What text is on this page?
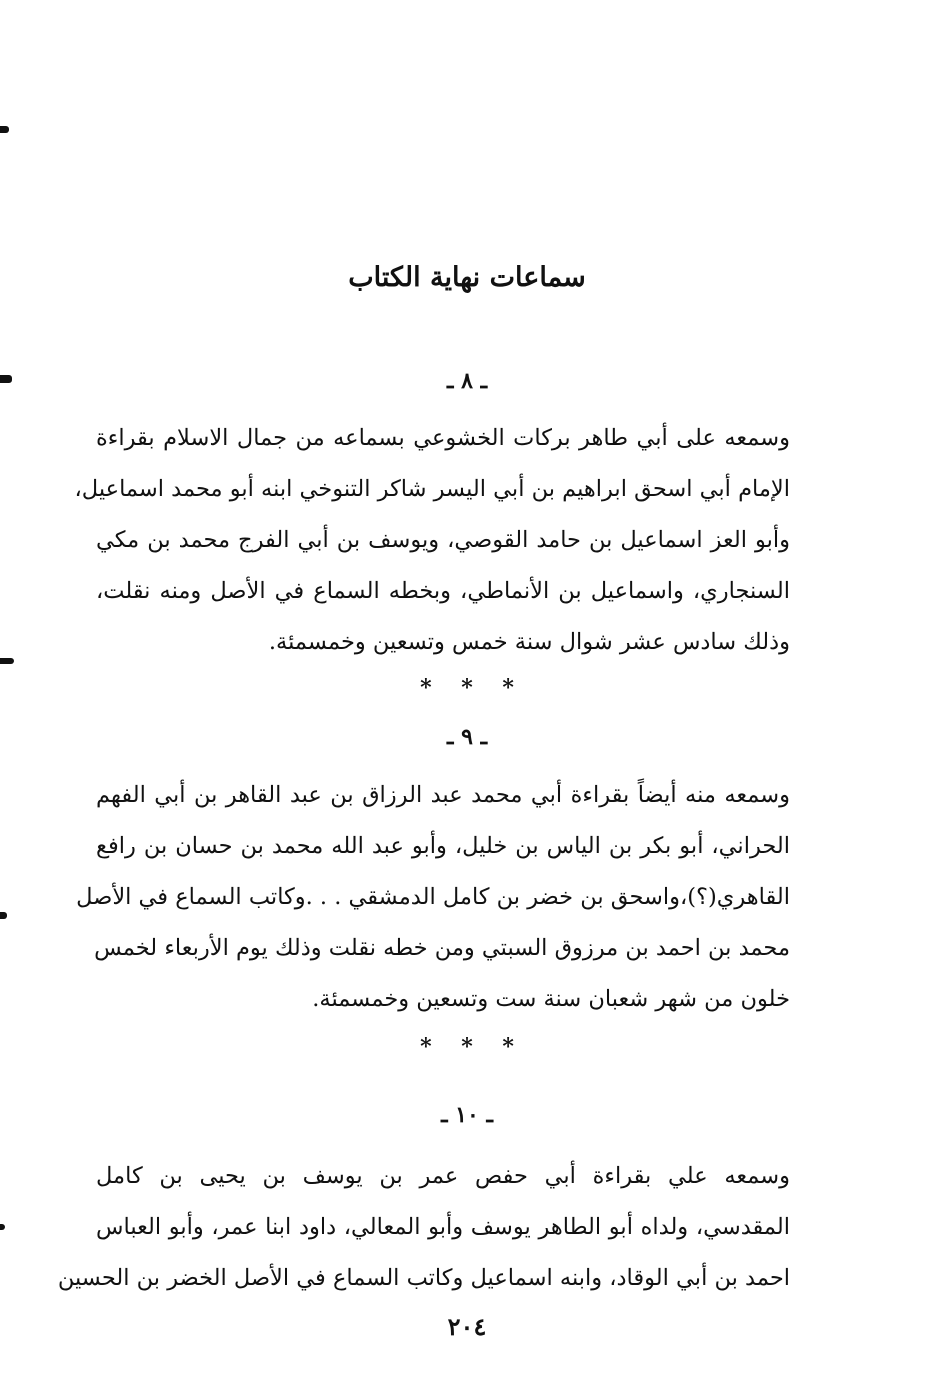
سماعات نهاية الكتاب
ـ ٨ ـ
وسمعه على أبي طاهر بركات الخشوعي بسماعه من جمال الاسلام بقراءة
الإمام أبي اسحق ابراهيم بن أبي اليسر شاكر التنوخي ابنه أبو محمد اسماعيل،
وأبو العز اسماعيل بن حامد القوصي، ويوسف بن أبي الفرج محمد بن مكي
السنجاري، واسماعيل بن الأنماطي، وبخطه السماع في الأصل ومنه نقلت،
وذلك سادس عشر شوال سنة خمس وتسعين وخمسمئة.
* * *
ـ ٩ ـ
وسمعه منه أيضاً بقراءة أبي محمد عبد الرزاق بن عبد القاهر بن أبي الفهم
الحراني، أبو بكر بن الياس بن خليل، وأبو عبد الله محمد بن حسان بن رافع
القاهري(؟)،واسحق بن خضر بن كامل الدمشقي . . .وكاتب السماع في الأصل
محمد بن احمد بن مرزوق السبتي ومن خطه نقلت وذلك يوم الأربعاء لخمس
خلون من شهر شعبان سنة ست وتسعين وخمسمئة.
* * *
ـ ١٠ ـ
وسمعه علي بقراءة أبي حفص عمر بن يوسف بن يحيى بن كامل
المقدسي، ولداه أبو الطاهر يوسف وأبو المعالي، داود ابنا عمر، وأبو العباس
احمد بن أبي الوقاد، وابنه اسماعيل وكاتب السماع في الأصل الخضر بن الحسين
٢٠٤
